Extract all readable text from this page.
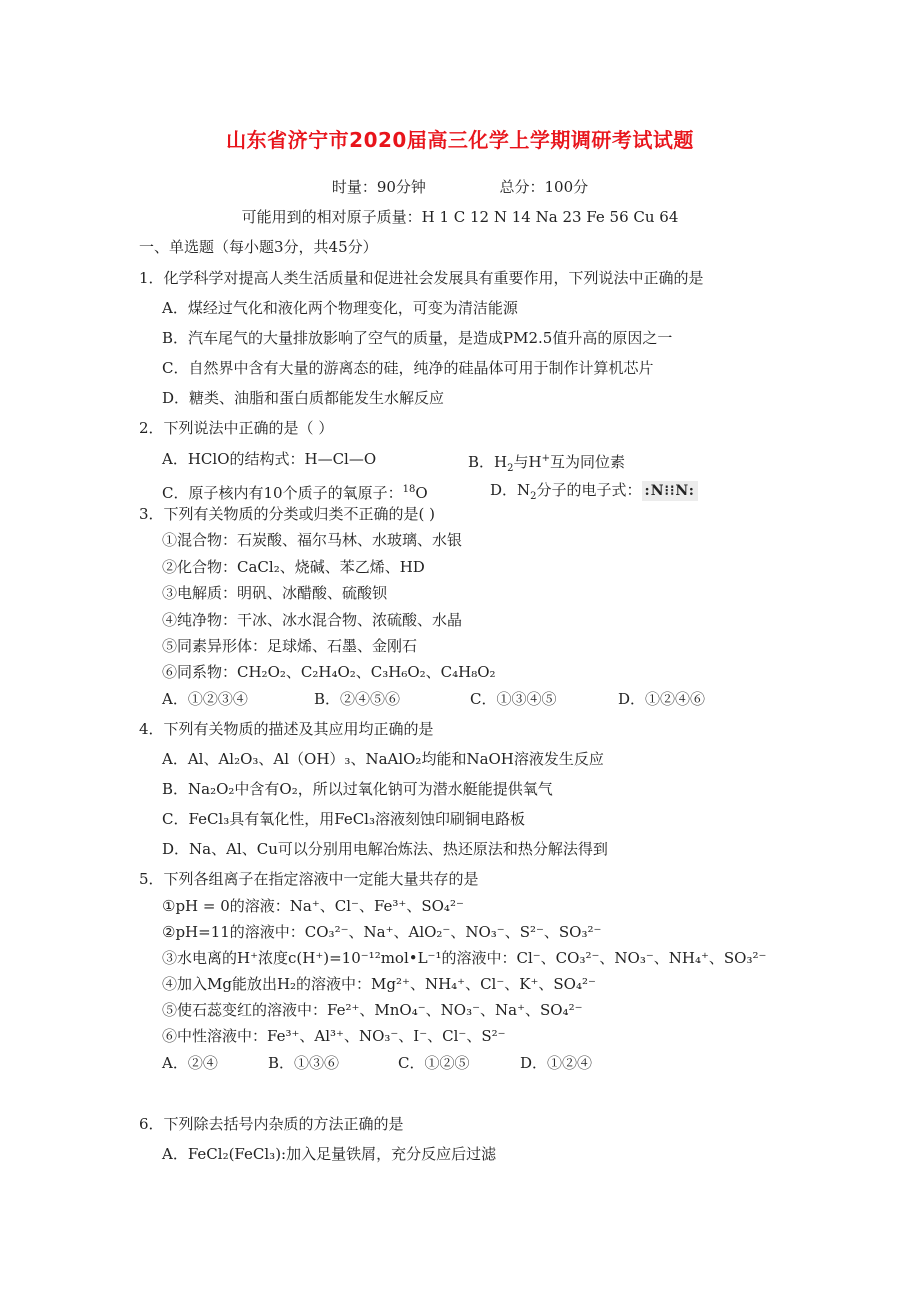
山东省济宁市2020届高三化学上学期调研考试试题
时量：90分钟	总分：100分
可能用到的相对原子质量：H 1 C 12 N 14 Na 23 Fe 56 Cu 64
一、单选题（每小题3分，共45分）
1．化学科学对提高人类生活质量和促进社会发展具有重要作用，下列说法中正确的是
A．煤经过气化和液化两个物理变化，可变为清洁能源
B．汽车尾气的大量排放影响了空气的质量，是造成PM2.5值升高的原因之一
C．自然界中含有大量的游离态的硅，纯净的硅晶体可用于制作计算机芯片
D．糖类、油脂和蛋白质都能发生水解反应
2．下列说法中正确的是（ ）
A．HClO的结构式：H—Cl—O	B．$H_2$与H+互为同位素
C．原子核内有10个质子的氧原子：$^{18}$O	D．$N_2$分子的电子式： :N⁝⁝N:
3．下列有关物质的分类或归类不正确的是( )
①混合物：石炭酸、福尔马林、水玻璃、水银
②化合物：CaCl₂、烧碱、苯乙烯、HD
③电解质：明矾、冰醋酸、硫酸钡
④纯净物：干冰、冰水混合物、浓硫酸、水晶
⑤同素异形体：足球烯、石墨、金刚石
⑥同系物：CH₂O₂、C₂H₄O₂、C₃H₆O₂、C₄H₈O₂
A．①②③④	B．②④⑤⑥	C．①③④⑤	D．①②④⑥
4．下列有关物质的描述及其应用均正确的是
A．Al、Al₂O₃、Al（OH）₃、NaAlO₂均能和NaOH溶液发生反应
B．Na₂O₂中含有O₂，所以过氧化钠可为潜水艇能提供氧气
C．FeCl₃具有氧化性，用FeCl₃溶液刻蚀印刷铜电路板
D．Na、Al、Cu可以分别用电解冶炼法、热还原法和热分解法得到
5．下列各组离子在指定溶液中一定能大量共存的是
①pH = 0的溶液：Na⁺、Cl⁻、Fe³⁺、SO₄²⁻
②pH=11的溶液中：CO₃²⁻、Na⁺、AlO₂⁻、NO₃⁻、S²⁻、SO₃²⁻
③水电离的H⁺浓度c(H⁺)=10⁻¹²mol•L⁻¹的溶液中：Cl⁻、CO₃²⁻、NO₃⁻、NH₄⁺、SO₃²⁻
④加入Mg能放出H₂的溶液中：Mg²⁺、NH₄⁺、Cl⁻、K⁺、SO₄²⁻
⑤使石蕊变红的溶液中：Fe²⁺、MnO₄⁻、NO₃⁻、Na⁺、SO₄²⁻
⑥中性溶液中：Fe³⁺、Al³⁺、NO₃⁻、I⁻、Cl⁻、S²⁻
A．②④	B．①③⑥	C．①②⑤	D．①②④
6．下列除去括号内杂质的方法正确的是
A．FeCl₂(FeCl₃):加入足量铁屑，充分反应后过滤
